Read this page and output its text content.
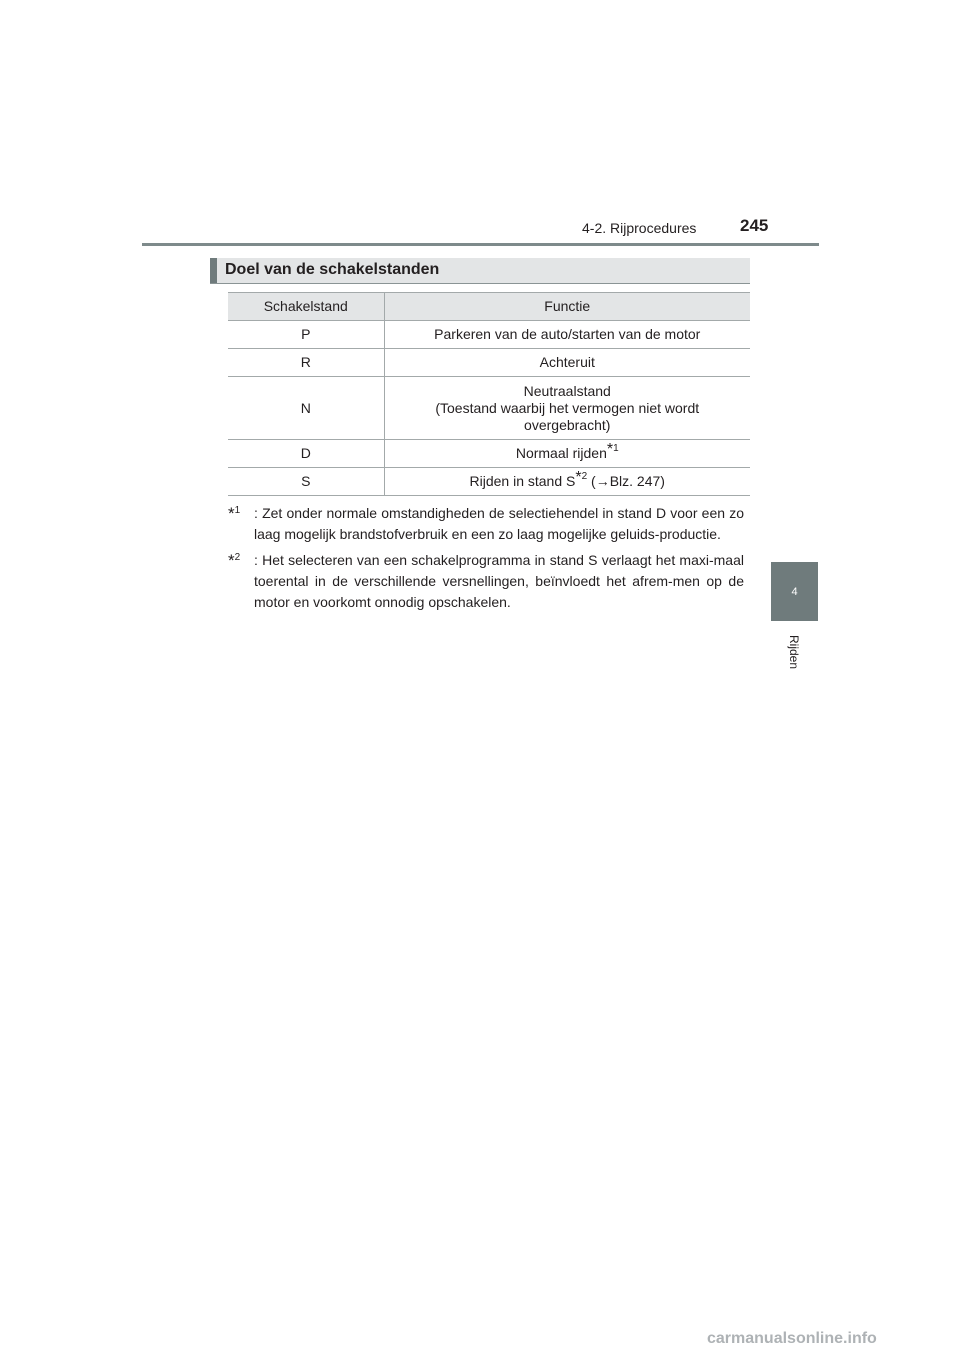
4-2. Rijprocedures	245
4
Rijden
Doel van de schakelstanden
Schakelstand	Functie
P	Parkeren van de auto/starten van de motor
R	Achteruit
N	Neutraalstand
(Toestand waarbij het vermogen niet wordt
overgebracht)
D	Normaal rijden$^{*1}$
S	Rijden in stand $S^{*2}$ (→Blz. 247)
*$^1$ : Zet onder normale omstandigheden de selectiehendel in stand D voor een zo laag mogelijk brandstofverbruik en een zo laag mogelijke geluids-productie.
*$^2$ : Het selecteren van een schakelprogramma in stand S verlaagt het maxi-maal toerental in de verschillende versnellingen, beïnvloedt het afrem-men op de motor en voorkomt onnodig opschakelen.
carmanualsonline.info
